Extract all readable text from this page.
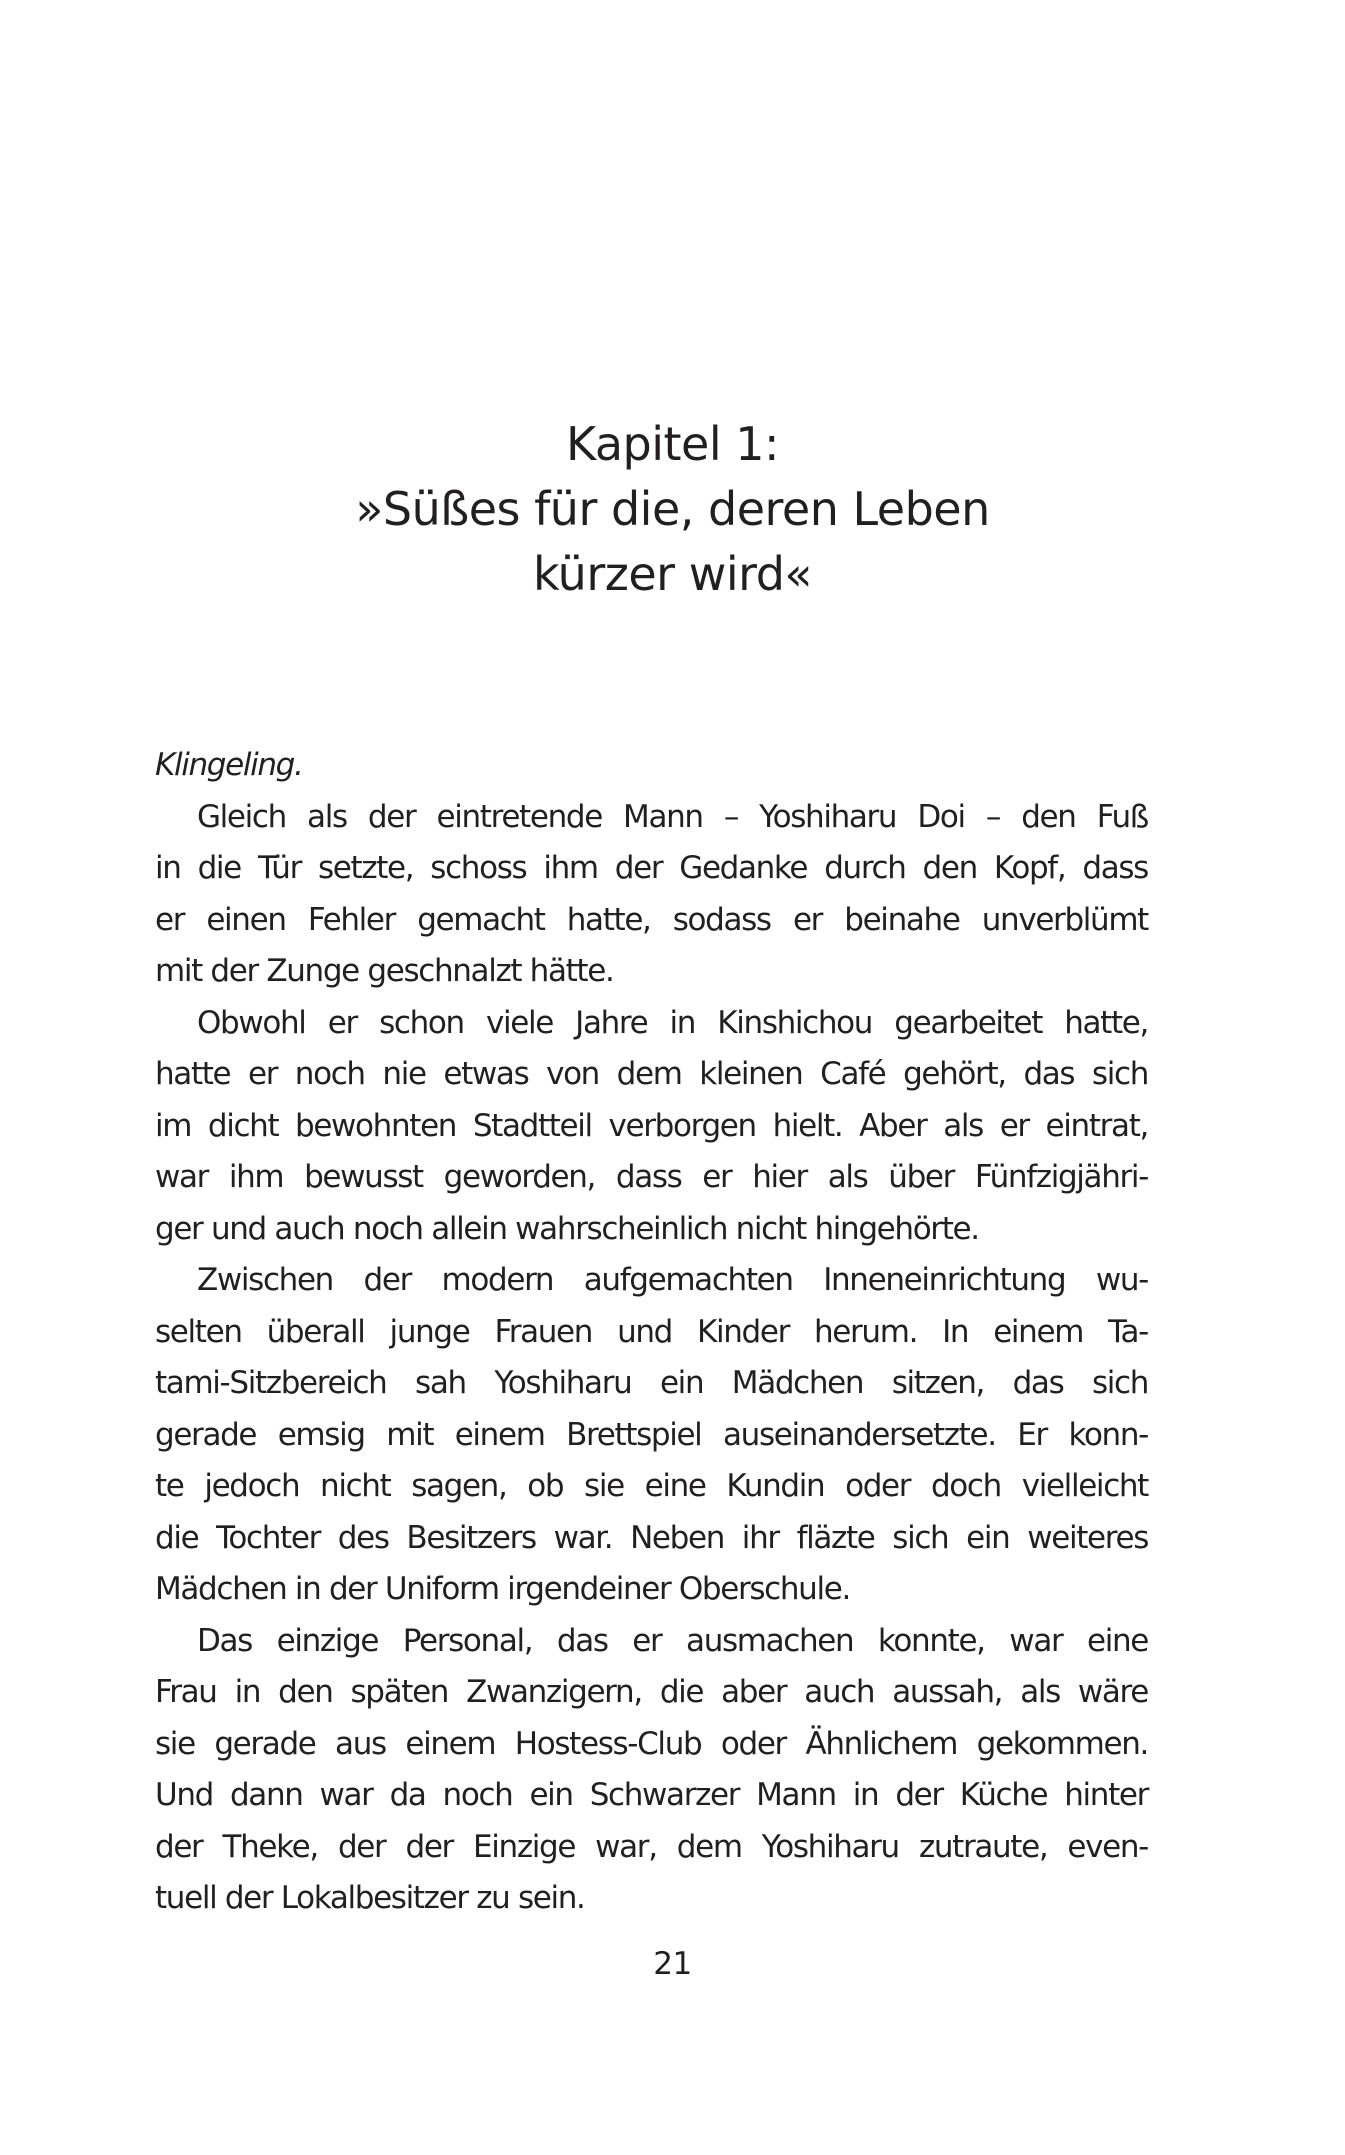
Kapitel 1:
»Süßes für die, deren Leben
kürzer wird«
Klingeling.
Gleich als der eintretende Mann – Yoshiharu Doi – den Fuß
in die Tür setzte, schoss ihm der Gedanke durch den Kopf, dass
er einen Fehler gemacht hatte, sodass er beinahe unverblümt
mit der Zunge geschnalzt hätte.
Obwohl er schon viele Jahre in Kinshichou gearbeitet hatte,
hatte er noch nie etwas von dem kleinen Café gehört, das sich
im dicht bewohnten Stadtteil verborgen hielt. Aber als er eintrat,
war ihm bewusst geworden, dass er hier als über Fünfzigjähri-
ger und auch noch allein wahrscheinlich nicht hingehörte.
Zwischen der modern aufgemachten Inneneinrichtung wu-
selten überall junge Frauen und Kinder herum. In einem Ta-
tami-Sitzbereich sah Yoshiharu ein Mädchen sitzen, das sich
gerade emsig mit einem Brettspiel auseinandersetzte. Er konn-
te jedoch nicht sagen, ob sie eine Kundin oder doch vielleicht
die Tochter des Besitzers war. Neben ihr fläzte sich ein weiteres
Mädchen in der Uniform irgendeiner Oberschule.
Das einzige Personal, das er ausmachen konnte, war eine
Frau in den späten Zwanzigern, die aber auch aussah, als wäre
sie gerade aus einem Hostess-Club oder Ähnlichem gekommen.
Und dann war da noch ein Schwarzer Mann in der Küche hinter
der Theke, der der Einzige war, dem Yoshiharu zutraute, even-
tuell der Lokalbesitzer zu sein.
21
